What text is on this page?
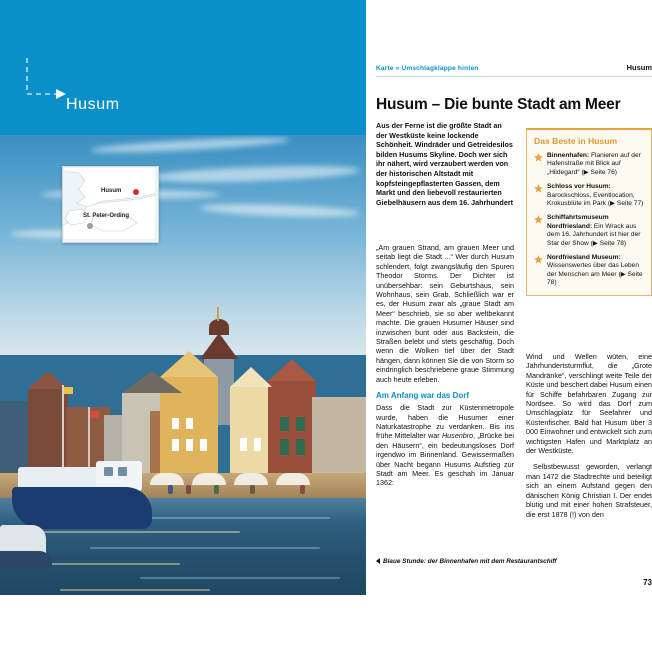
Husum
Husum
St. Peter-Ording
Karte » Umschlagklappe hinten	Husum
Husum – Die bunte Stadt am Meer
Aus der Ferne ist die größte Stadt an der Westküste keine lockende Schönheit. Windräder und Getreidesilos bilden Husums Skyline. Doch wer sich ihr nähert, wird verzaubert werden von der historischen Altstadt mit kopfsteingepflasterten Gassen, dem Markt und den liebevoll restaurierten Giebelhäusern aus dem 16. Jahrhundert
Das Beste in Husum
Binnenhafen: Flanieren auf der Hafenstraße mit Blick auf „Hildegard“ (▶ Seite 76)
Schloss vor Husum: Barockschloss, Eventlocation, Krokusblüte im Park (▶ Seite 77)
Schiffahrtsmuseum Nordfriesland: Ein Wrack aus dem 16. Jahrhundert ist hier der Star der Show (▶ Seite 78)
Nordfriesland Museum: Wissenswertes über das Leben der Menschen am Meer (▶ Seite 78)

„Am grauen Strand, am grauen Meer und seitab liegt die Stadt ...“ Wer durch Husum schlendert, folgt zwangsläufig den Spuren Theodor Storms. Der Dichter ist unübersehbar: sein Geburtshaus, sein Wohnhaus, sein Grab. Schließlich war er es, der Husum zwar als „graue Stadt am Meer“ beschrieb, sie so aber weltbekannt machte. Die grauen Husumer Häuser sind inzwischen bunt oder aus Backstein, die Straßen belebt und stets geschäftig. Doch wenn die Wolken tief über der Stadt hängen, dann können Sie die von Storm so eindringlich beschriebene graue Stimmung auch heute erleben.

Am Anfang war das Dorf

Dass die Stadt zur Küstenmetropole wurde, haben die Husumer einer Naturkatastrophe zu verdanken. Bis ins frühe Mittelalter war Husenbro, „Brücke bei den Häusern“, ein bedeutungsloses Dorf irgendwo im Binnenland. Gewissermaßen über Nacht begann Husums Aufstieg zur Stadt am Meer. Es geschah im Januar 1362:

Wind und Wellen wüten, eine Jahrhundertsturmflut, die „Grote Mandränke“, verschlingt weite Teile der Küste und beschert dabei Husum einen für Schiffe befahrbaren Zugang zur Nordsee. So wird das Dorf zum Umschlagplatz für Seefahrer und Küstenfischer. Bald hat Husum über 3 000 Einwohner und entwickelt sich zum wichtigsten Hafen und Marktplatz an der Westküste.

Selbstbewusst geworden, verlangt man 1472 die Stadtrechte und beteiligt sich an einem Aufstand gegen den dänischen König Christian I. Der endet blutig und mit einer hohen Strafsteuer, die erst 1878 (!) von den

Blaue Stunde: der Binnenhafen mit dem Restaurantschiff
73
